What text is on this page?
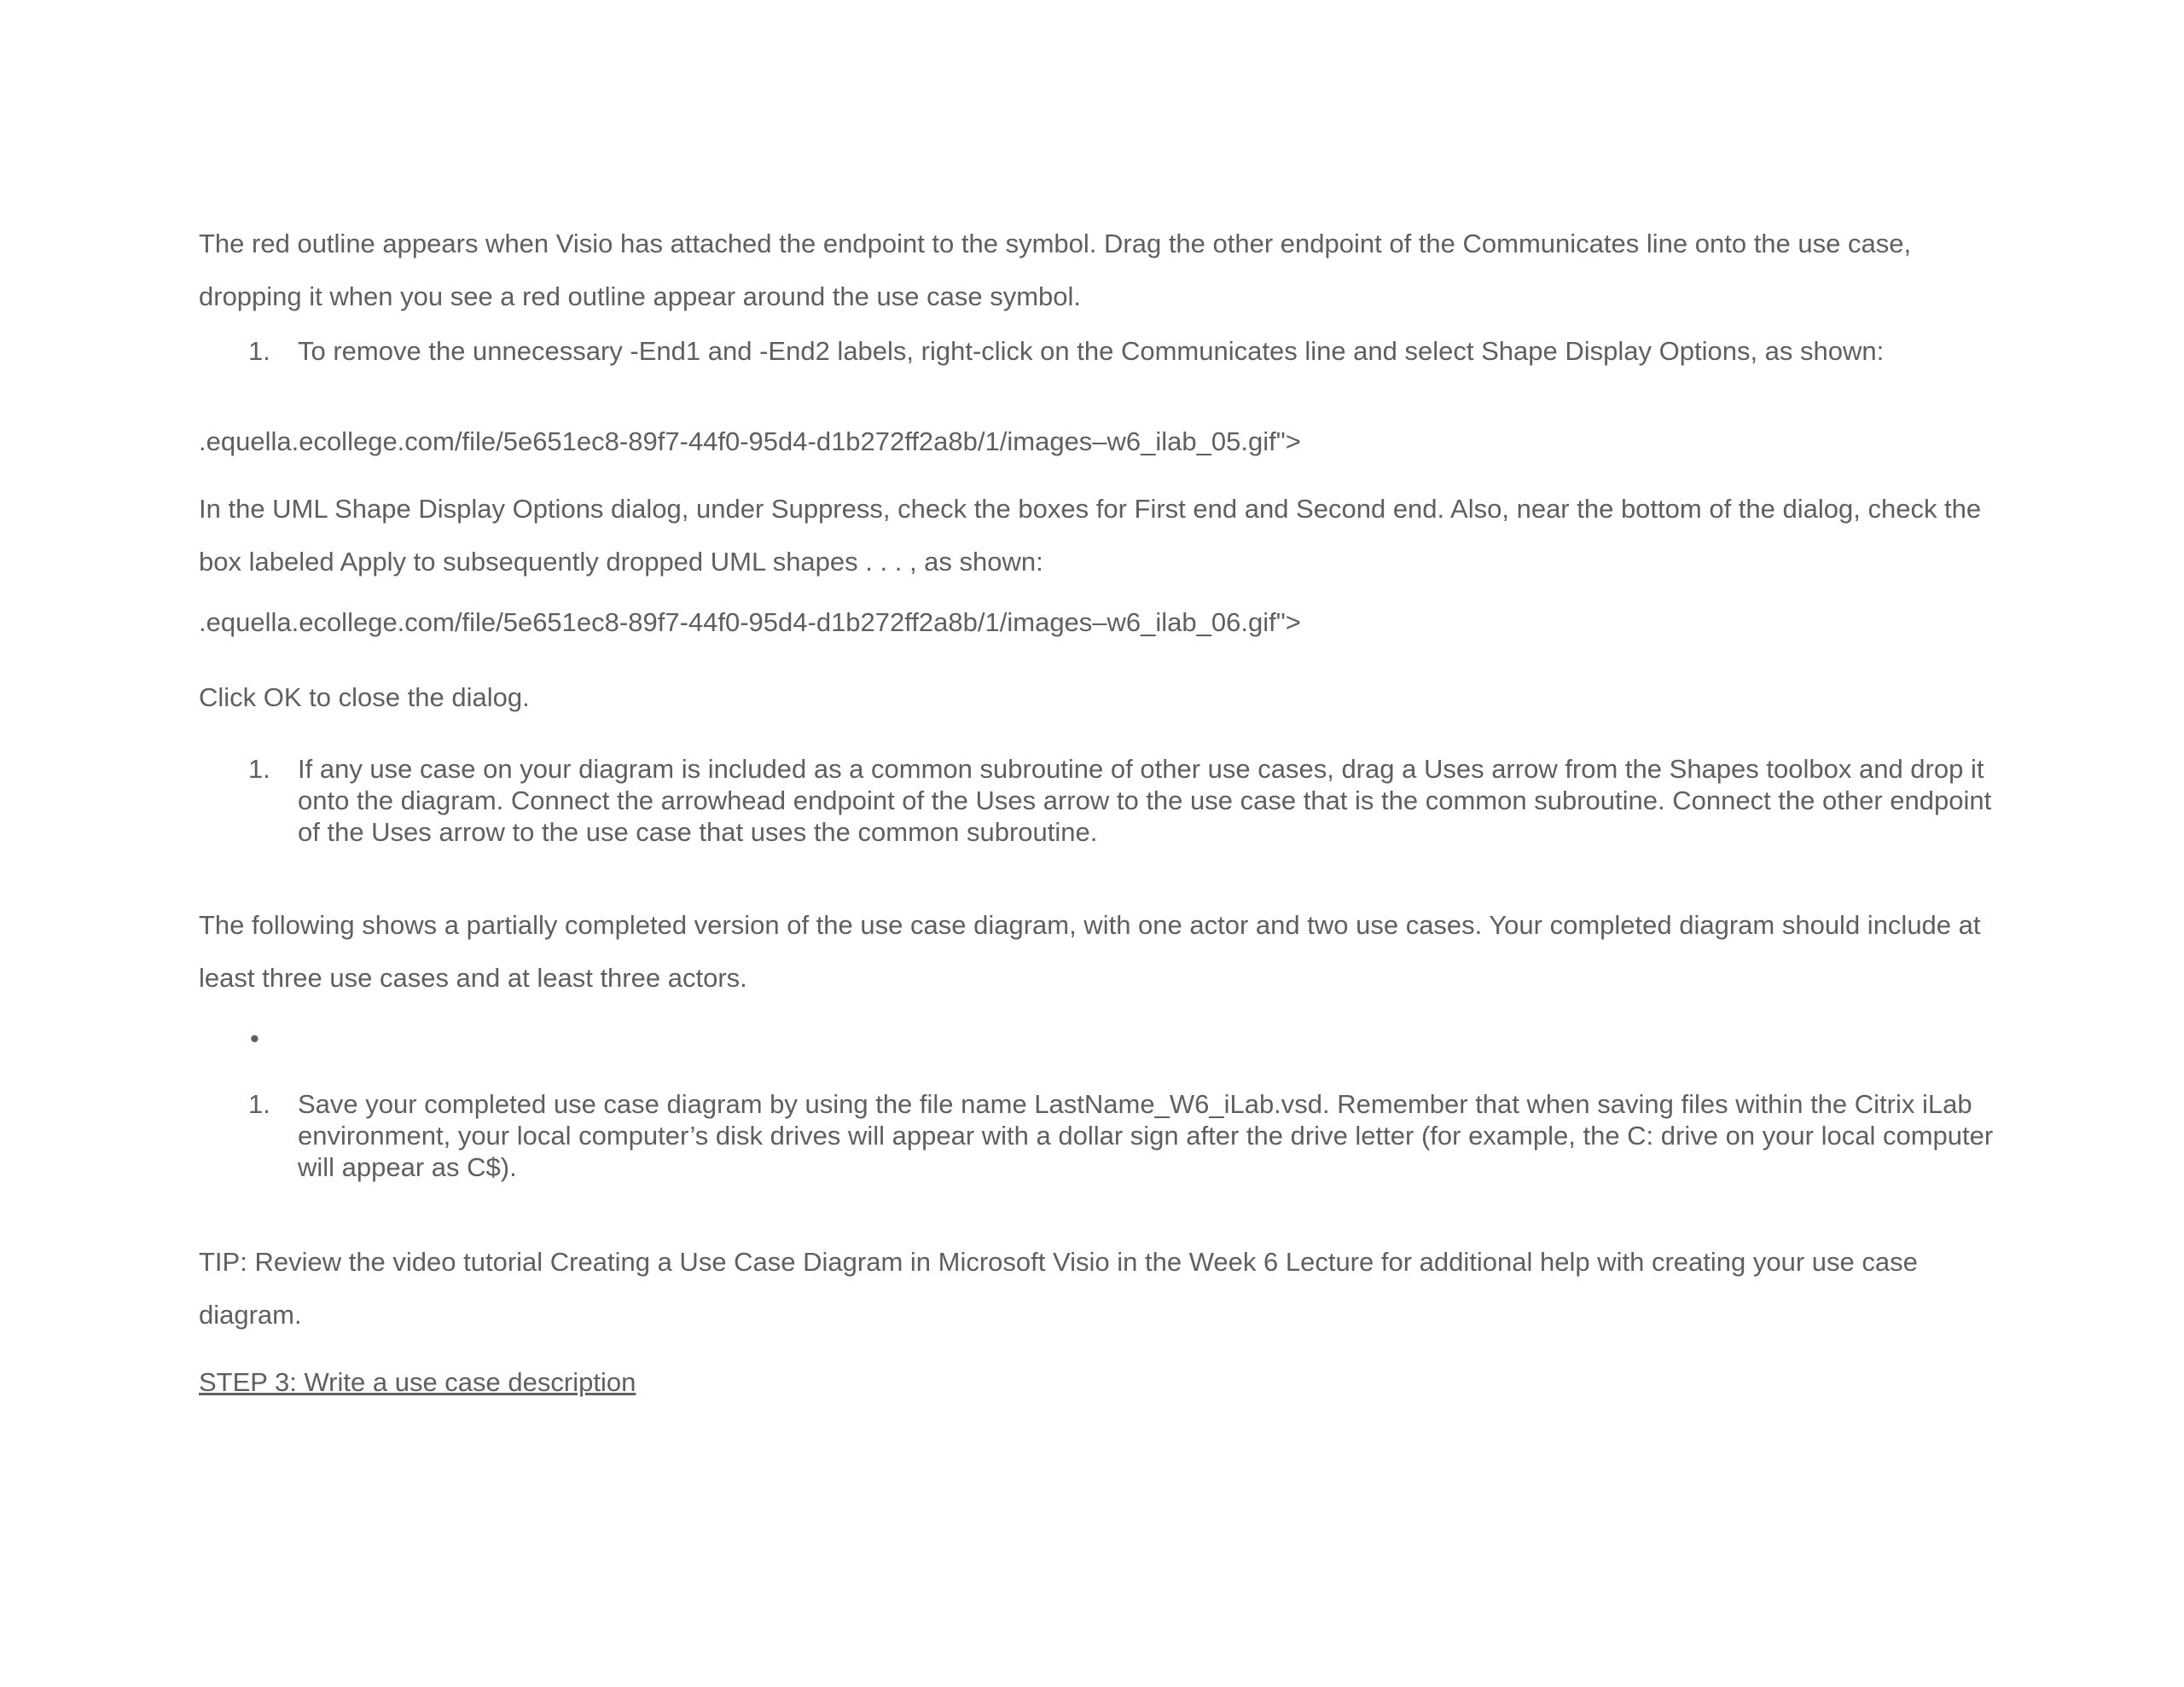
The red outline appears when Visio has attached the endpoint to the symbol. Drag the other endpoint of the Communicates line onto the use case, dropping it when you see a red outline appear around the use case symbol.

1. To remove the unnecessary -End1 and -End2 labels, right-click on the Communicates line and select Shape Display Options, as shown:

.equella.ecollege.com/file/5e651ec8-89f7-44f0-95d4-d1b272ff2a8b/1/images–w6_ilab_05.gif">

In the UML Shape Display Options dialog, under Suppress, check the boxes for First end and Second end. Also, near the bottom of the dialog, check the box labeled Apply to subsequently dropped UML shapes . . . , as shown:

.equella.ecollege.com/file/5e651ec8-89f7-44f0-95d4-d1b272ff2a8b/1/images–w6_ilab_06.gif">

Click OK to close the dialog.

1. If any use case on your diagram is included as a common subroutine of other use cases, drag a Uses arrow from the Shapes toolbox and drop it onto the diagram. Connect the arrowhead endpoint of the Uses arrow to the use case that is the common subroutine. Connect the other endpoint of the Uses arrow to the use case that uses the common subroutine.

The following shows a partially completed version of the use case diagram, with one actor and two use cases. Your completed diagram should include at least three use cases and at least three actors.

•
1. Save your completed use case diagram by using the file name LastName_W6_iLab.vsd. Remember that when saving files within the Citrix iLab environment, your local computer’s disk drives will appear with a dollar sign after the drive letter (for example, the C: drive on your local computer will appear as C$).

TIP: Review the video tutorial Creating a Use Case Diagram in Microsoft Visio in the Week 6 Lecture for additional help with creating your use case diagram.

STEP 3: Write a use case description
